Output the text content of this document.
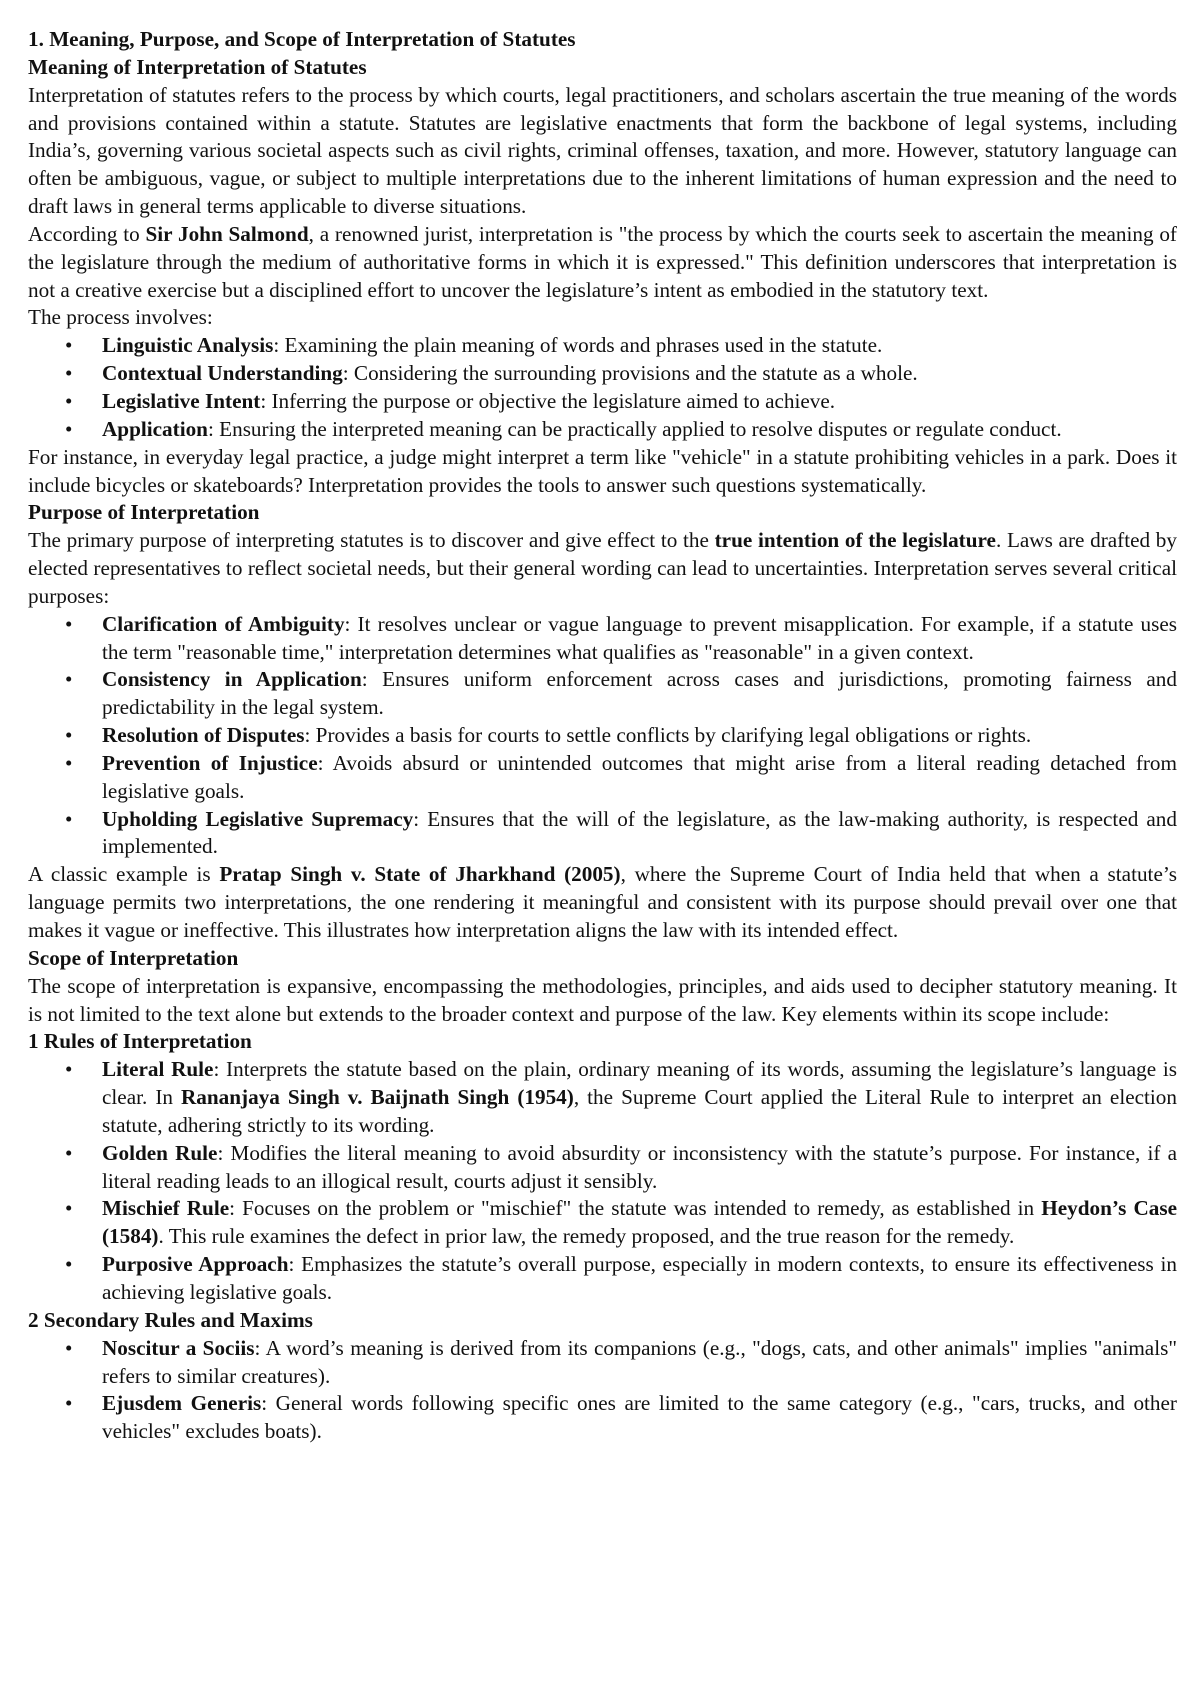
1. Meaning, Purpose, and Scope of Interpretation of Statutes

Meaning of Interpretation of Statutes

Interpretation of statutes refers to the process by which courts, legal practitioners, and scholars ascertain the true meaning of the words and provisions contained within a statute. Statutes are legislative enactments that form the backbone of legal systems, including India’s, governing various societal aspects such as civil rights, criminal offenses, taxation, and more. However, statutory language can often be ambiguous, vague, or subject to multiple interpretations due to the inherent limitations of human expression and the need to draft laws in general terms applicable to diverse situations.

According to Sir John Salmond, a renowned jurist, interpretation is "the process by which the courts seek to ascertain the meaning of the legislature through the medium of authoritative forms in which it is expressed." This definition underscores that interpretation is not a creative exercise but a disciplined effort to uncover the legislature’s intent as embodied in the statutory text.

The process involves:

• Linguistic Analysis: Examining the plain meaning of words and phrases used in the statute.
• Contextual Understanding: Considering the surrounding provisions and the statute as a whole.
• Legislative Intent: Inferring the purpose or objective the legislature aimed to achieve.
• Application: Ensuring the interpreted meaning can be practically applied to resolve disputes or regulate conduct.

For instance, in everyday legal practice, a judge might interpret a term like "vehicle" in a statute prohibiting vehicles in a park. Does it include bicycles or skateboards? Interpretation provides the tools to answer such questions systematically.

Purpose of Interpretation

The primary purpose of interpreting statutes is to discover and give effect to the true intention of the legislature. Laws are drafted by elected representatives to reflect societal needs, but their general wording can lead to uncertainties. Interpretation serves several critical purposes:

• Clarification of Ambiguity: It resolves unclear or vague language to prevent misapplication. For example, if a statute uses the term "reasonable time," interpretation determines what qualifies as "reasonable" in a given context.
• Consistency in Application: Ensures uniform enforcement across cases and jurisdictions, promoting fairness and predictability in the legal system.
• Resolution of Disputes: Provides a basis for courts to settle conflicts by clarifying legal obligations or rights.
• Prevention of Injustice: Avoids absurd or unintended outcomes that might arise from a literal reading detached from legislative goals.
• Upholding Legislative Supremacy: Ensures that the will of the legislature, as the law-making authority, is respected and implemented.

A classic example is Pratap Singh v. State of Jharkhand (2005), where the Supreme Court of India held that when a statute’s language permits two interpretations, the one rendering it meaningful and consistent with its purpose should prevail over one that makes it vague or ineffective. This illustrates how interpretation aligns the law with its intended effect.

Scope of Interpretation

The scope of interpretation is expansive, encompassing the methodologies, principles, and aids used to decipher statutory meaning. It is not limited to the text alone but extends to the broader context and purpose of the law. Key elements within its scope include:

1 Rules of Interpretation

• Literal Rule: Interprets the statute based on the plain, ordinary meaning of its words, assuming the legislature’s language is clear. In Rananjaya Singh v. Baijnath Singh (1954), the Supreme Court applied the Literal Rule to interpret an election statute, adhering strictly to its wording.
• Golden Rule: Modifies the literal meaning to avoid absurdity or inconsistency with the statute’s purpose. For instance, if a literal reading leads to an illogical result, courts adjust it sensibly.
• Mischief Rule: Focuses on the problem or "mischief" the statute was intended to remedy, as established in Heydon’s Case (1584). This rule examines the defect in prior law, the remedy proposed, and the true reason for the remedy.
• Purposive Approach: Emphasizes the statute’s overall purpose, especially in modern contexts, to ensure its effectiveness in achieving legislative goals.

2 Secondary Rules and Maxims

• Noscitur a Sociis: A word’s meaning is derived from its companions (e.g., "dogs, cats, and other animals" implies "animals" refers to similar creatures).
• Ejusdem Generis: General words following specific ones are limited to the same category (e.g., "cars, trucks, and other vehicles" excludes boats).
